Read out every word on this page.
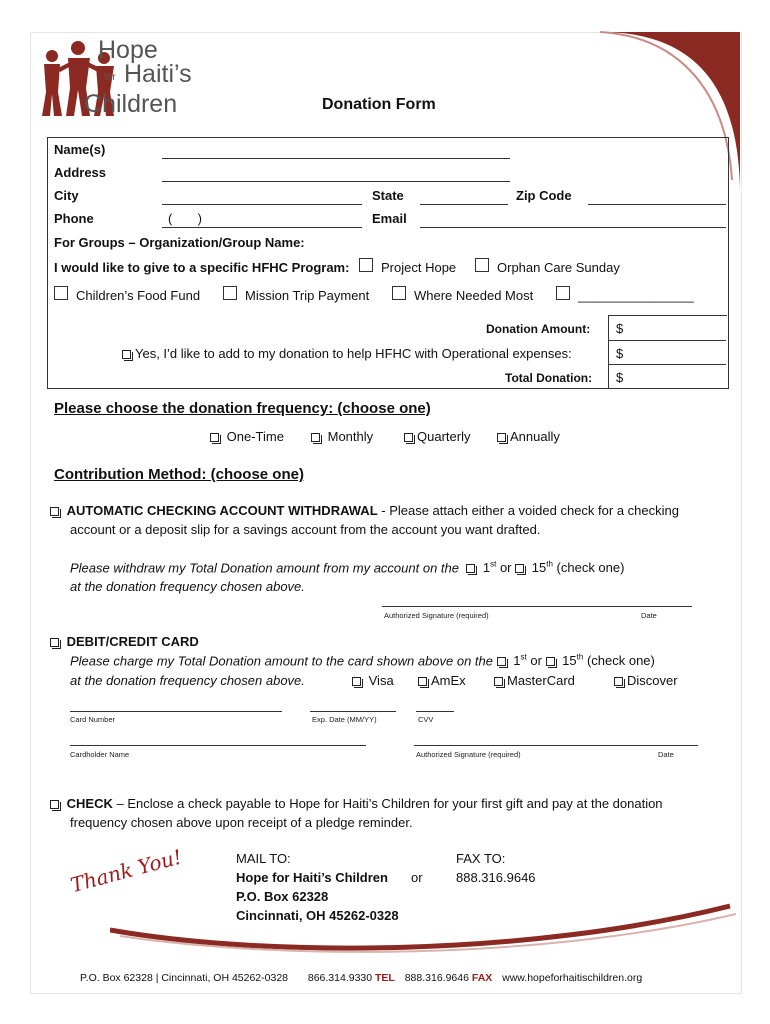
Hope
for Haiti’s
Children	Donation Form
Name(s)
Address
City	State	Zip Code
Phone	(       )	Email
For Groups – Organization/Group Name:
I would like to give to a specific HFHC Program: Project Hope	Orphan Care Sunday
Children’s Food Fund	Mission Trip Payment	Where Needed Most	________________
Donation Amount: $
Yes, I’d like to add to my donation to help HFHC with Operational expenses:	$
Total Donation: $
Please choose the donation frequency: (choose one)
One-Time	Monthly	Quarterly	Annually
Contribution Method: (choose one)
AUTOMATIC CHECKING ACCOUNT WITHDRAWAL - Please attach either a voided check for a checking
account or a deposit slip for a savings account from the account you want drafted.
Please withdraw my Total Donation amount from my account on the 1st or 15th (check one)
at the donation frequency chosen above.
Authorized Signature (required)	Date
DEBIT/CREDIT CARD
Please charge my Total Donation amount to the card shown above on the 1st or 15th (check one)
at the donation frequency chosen above.	Visa	AmEx	MasterCard	Discover
Card Number	Exp. Date (MM/YY)	CVV
Cardholder Name	Authorized Signature (required)	Date
CHECK – Enclose a check payable to Hope for Haiti’s Children for your first gift and pay at the donation
frequency chosen above upon receipt of a pledge reminder.
MAIL TO:
Hope for Haiti’s Children
P.O. Box 62328
Cincinnati, OH 45262-0328
or
FAX TO:
888.316.9646
Thank You!
P.O. Box 62328 | Cincinnati, OH 45262-0328 866.314.9330 TEL 888.316.9646 FAX www.hopeforhaitischildren.org
